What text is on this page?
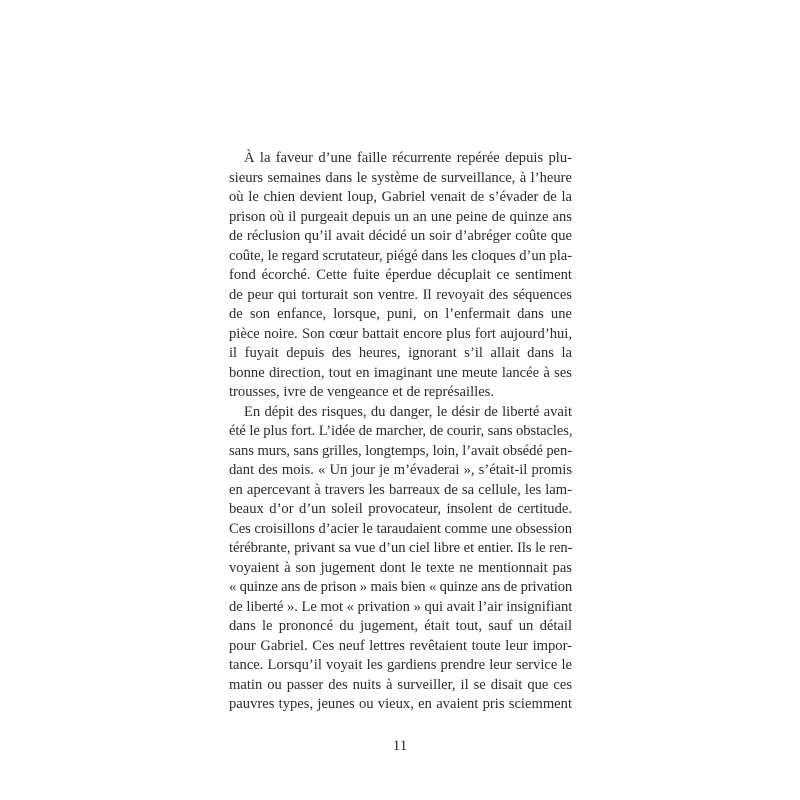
À la faveur d’une faille récurrente repérée depuis plu-
sieurs semaines dans le système de surveillance, à l’heure
où le chien devient loup, Gabriel venait de s’évader de la
prison où il purgeait depuis un an une peine de quinze ans
de réclusion qu’il avait décidé un soir d’abréger coûte que
coûte, le regard scrutateur, piégé dans les cloques d’un pla-
fond écorché. Cette fuite éperdue décuplait ce sentiment
de peur qui torturait son ventre. Il revoyait des séquences
de son enfance, lorsque, puni, on l’enfermait dans une
pièce noire. Son cœur battait encore plus fort aujourd’hui,
il fuyait depuis des heures, ignorant s’il allait dans la
bonne direction, tout en imaginant une meute lancée à ses
trousses, ivre de vengeance et de représailles.
En dépit des risques, du danger, le désir de liberté avait
été le plus fort. L’idée de marcher, de courir, sans obstacles,
sans murs, sans grilles, longtemps, loin, l’avait obsédé pen-
dant des mois. « Un jour je m’évaderai », s’était-il promis
en apercevant à travers les barreaux de sa cellule, les lam-
beaux d’or d’un soleil provocateur, insolent de certitude.
Ces croisillons d’acier le taraudaient comme une obsession
térébrante, privant sa vue d’un ciel libre et entier. Ils le ren-
voyaient à son jugement dont le texte ne mentionnait pas
« quinze ans de prison » mais bien « quinze ans de privation
de liberté ». Le mot « privation » qui avait l’air insignifiant
dans le prononcé du jugement, était tout, sauf un détail
pour Gabriel. Ces neuf lettres revêtaient toute leur impor-
tance. Lorsqu’il voyait les gardiens prendre leur service le
matin ou passer des nuits à surveiller, il se disait que ces
pauvres types, jeunes ou vieux, en avaient pris sciemment
11
